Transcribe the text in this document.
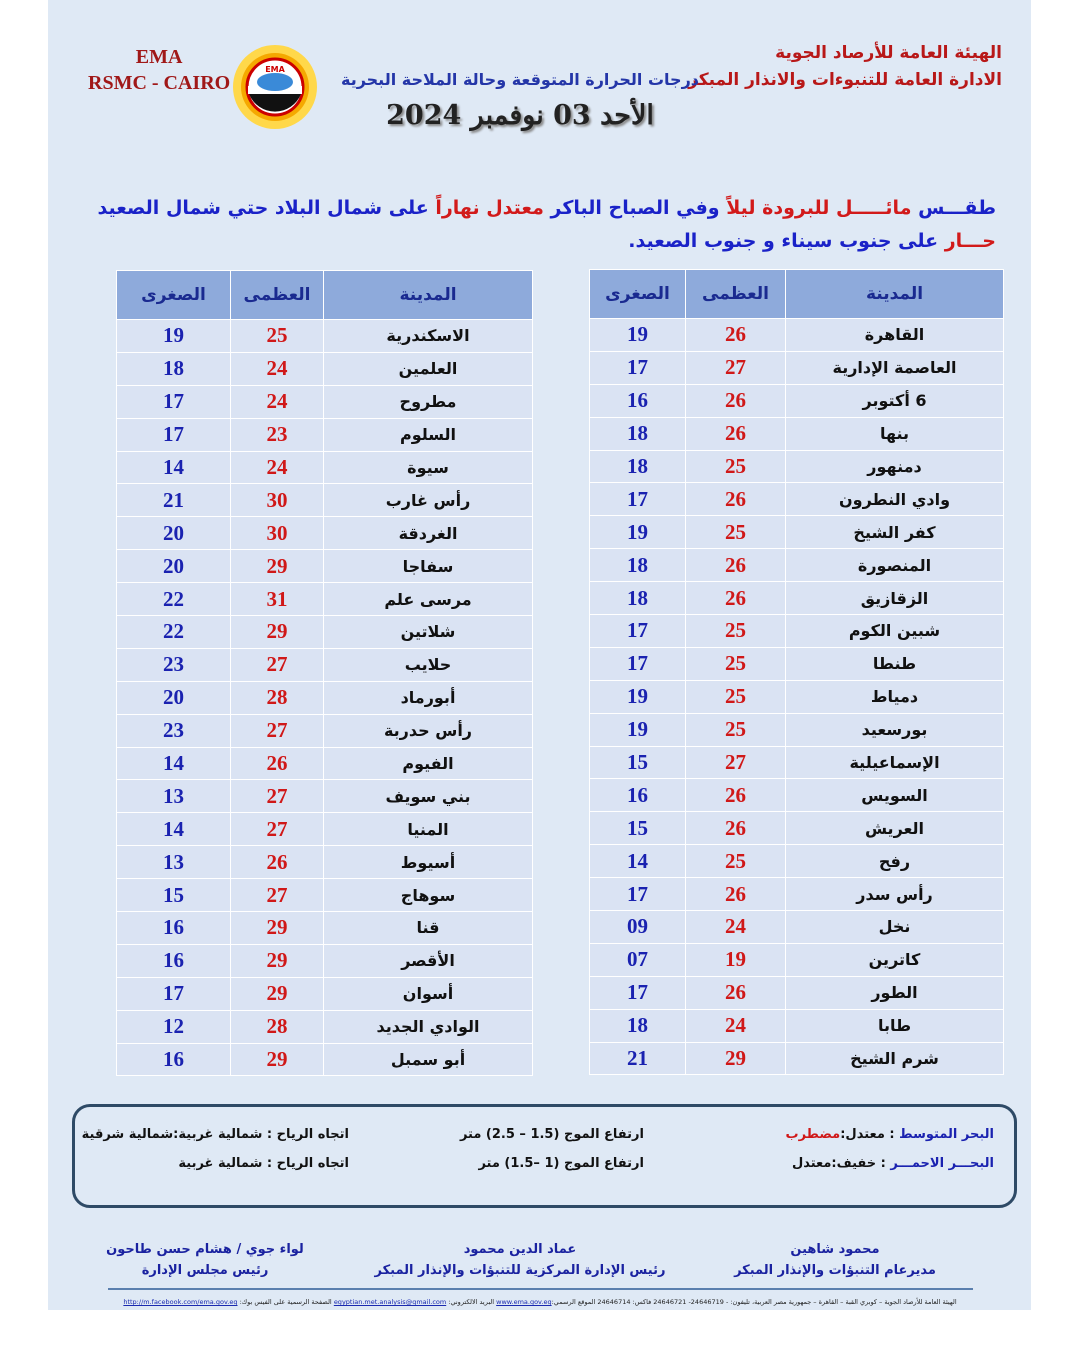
EMA
RSMC - CAIRO
EMA
الهيئة العامة للأرصاد الجوية
الادارة العامة للتنبوءات والانذار المبكر
درجات الحرارة المتوقعة وحالة الملاحة البحرية
الأحد 03 نوفمبر 2024
طقـــس مائـــــل للبرودة ليلاً وفي الصباح الباكر معتدل نهاراً على شمال البلاد حتي شمال الصعيد
حـــار على جنوب سيناء و جنوب الصعيد.
المدينة	العظمى	الصغرى
القاهرة	26	19
العاصمة الإدارية	27	17
6 أكتوبر	26	16
بنها	26	18
دمنهور	25	18
وادي النطرون	26	17
كفر الشيخ	25	19
المنصورة	26	18
الزقازيق	26	18
شبين الكوم	25	17
طنطا	25	17
دمياط	25	19
بورسعيد	25	19
الإسماعيلية	27	15
السويس	26	16
العريش	26	15
رفح	25	14
رأس سدر	26	17
نخل	24	09
كاترين	19	07
الطور	26	17
طابا	24	18
شرم الشيخ	29	21
المدينة	العظمى	الصغرى
الاسكندرية	25	19
العلمين	24	18
مطروح	24	17
السلوم	23	17
سيوة	24	14
رأس غارب	30	21
الغردقة	30	20
سفاجا	29	20
مرسى علم	31	22
شلاتين	29	22
حلايب	27	23
أبورماد	28	20
رأس حدربة	27	23
الفيوم	26	14
بني سويف	27	13
المنيا	27	14
أسيوط	26	13
سوهاج	27	15
قنا	29	16
الأقصر	29	16
أسوان	29	17
الوادي الجديد	28	12
أبو سمبل	29	16
البحر المتوسط : معتدل:مضطرب
ارتفاع الموج (1.5 – 2.5) متر
اتجاه الرياح : شمالية غربية:شمالية شرقية
البحـــر الاحمـــر : خفيف:معتدل
ارتفاع الموج (1 –1.5) متر
اتجاه الرياح : شمالية غربية
محمود شاهين
مديرعام التنبؤات والإنذار المبكر
عماد الدين محمود
رئيس الإدارة المركزية للتنبؤات والإنذار المبكر
لواء جوي / هشام حسن طاحون
رئيس مجلس الإدارة
الهيئة العامة للأرصاد الجوية – كوبري القبة – القاهرة – جمهورية مصر العربية، تليفون: - 24646719- 24646721 فاكس: 24646714 الموقع الرسمي:www.ema.gov.eg البريد الالكتروني: egyptian.met.analysis@gmail.com الصفحة الرسمية على الفيس بوك: http://m.facebook.com/ema.gov.eg
